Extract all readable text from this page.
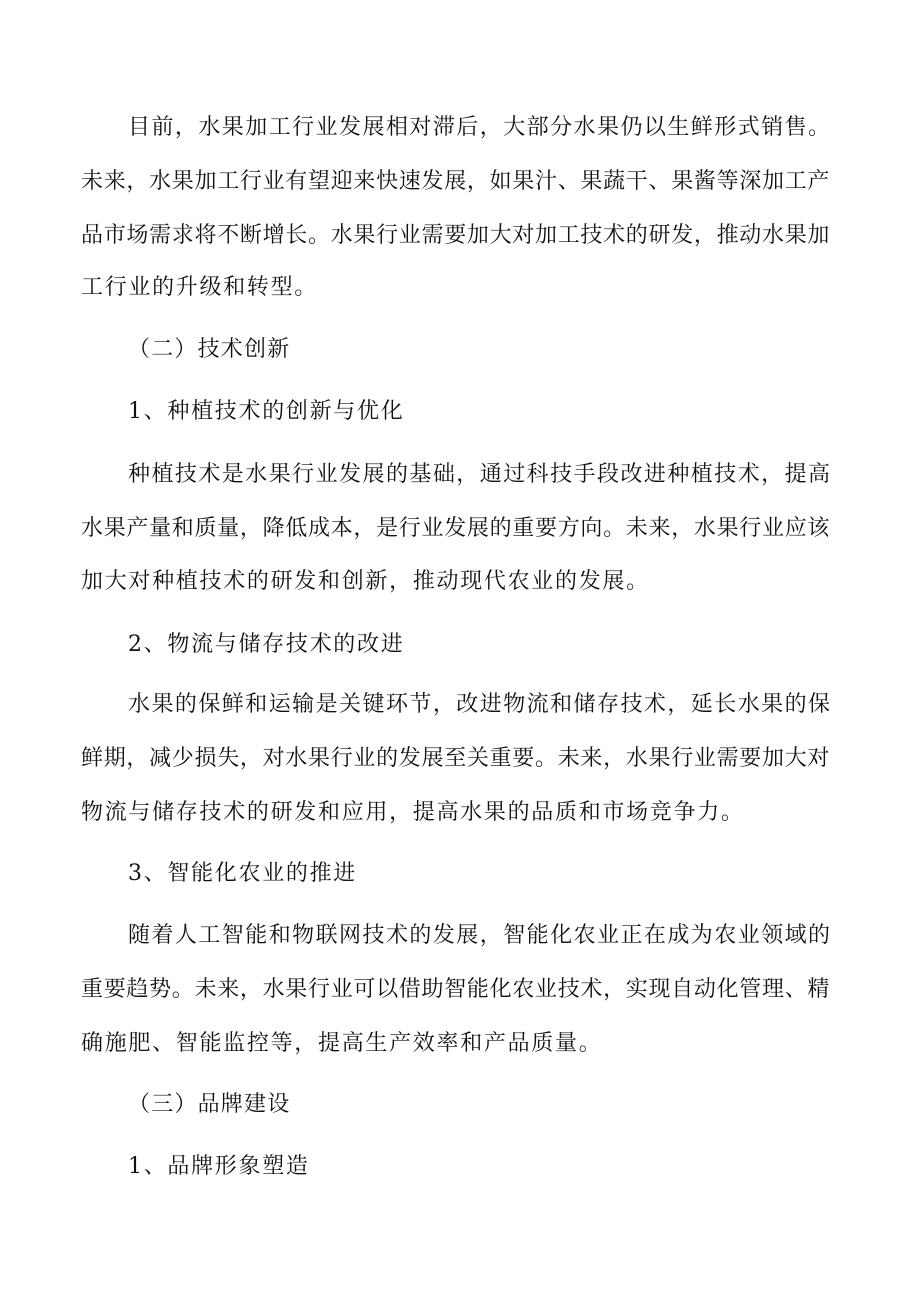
目前，水果加工行业发展相对滞后，大部分水果仍以生鲜形式销售。
未来，水果加工行业有望迎来快速发展，如果汁、果蔬干、果酱等深加工产
品市场需求将不断增长。水果行业需要加大对加工技术的研发，推动水果加
工行业的升级和转型。
（二）技术创新
1、种植技术的创新与优化
种植技术是水果行业发展的基础，通过科技手段改进种植技术，提高
水果产量和质量，降低成本，是行业发展的重要方向。未来，水果行业应该
加大对种植技术的研发和创新，推动现代农业的发展。
2、物流与储存技术的改进
水果的保鲜和运输是关键环节，改进物流和储存技术，延长水果的保
鲜期，减少损失，对水果行业的发展至关重要。未来，水果行业需要加大对
物流与储存技术的研发和应用，提高水果的品质和市场竞争力。
3、智能化农业的推进
随着人工智能和物联网技术的发展，智能化农业正在成为农业领域的
重要趋势。未来，水果行业可以借助智能化农业技术，实现自动化管理、精
确施肥、智能监控等，提高生产效率和产品质量。
（三）品牌建设
1、品牌形象塑造
